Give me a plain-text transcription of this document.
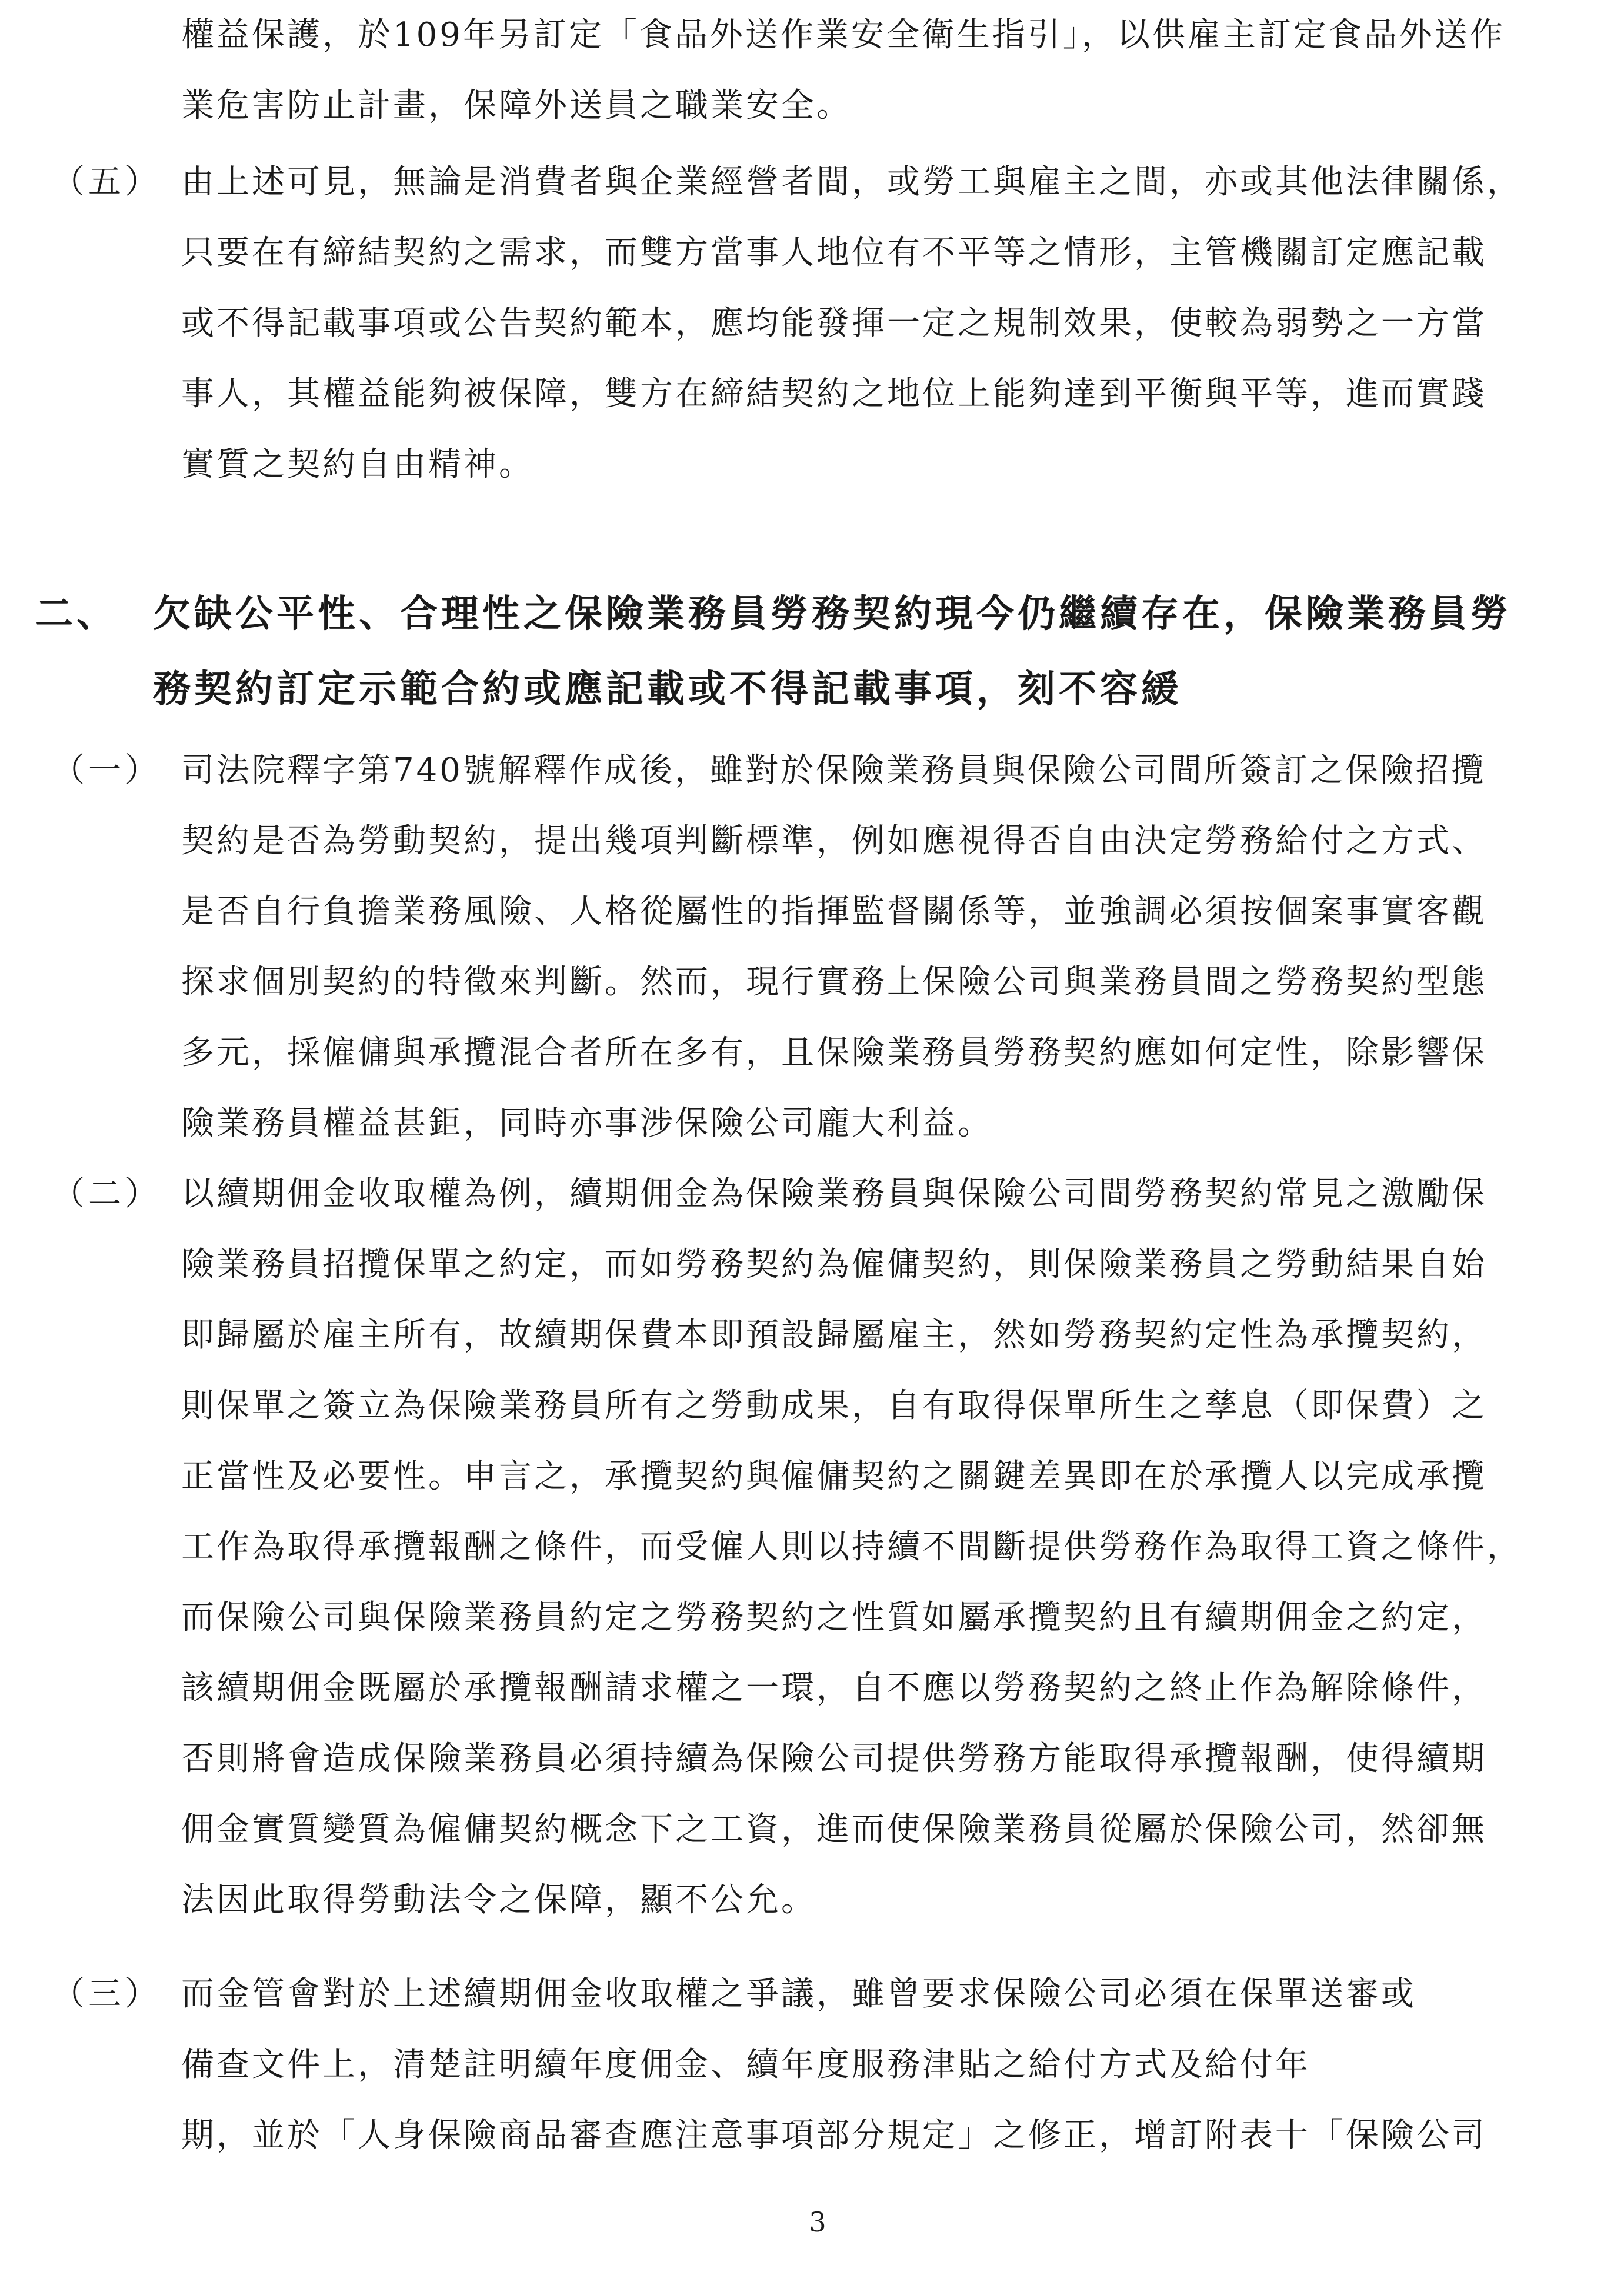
權益保護，於109年另訂定「食品外送作業安全衛生指引」，以供雇主訂定食品外送作
業危害防止計畫，保障外送員之職業安全。
（五） 由上述可見，無論是消費者與企業經營者間，或勞工與雇主之間，亦或其他法律關係，
只要在有締結契約之需求，而雙方當事人地位有不平等之情形，主管機關訂定應記載
或不得記載事項或公告契約範本，應均能發揮一定之規制效果，使較為弱勢之一方當
事人，其權益能夠被保障，雙方在締結契約之地位上能夠達到平衡與平等，進而實踐
實質之契約自由精神。
二、 欠缺公平性、合理性之保險業務員勞務契約現今仍繼續存在，保險業務員勞
務契約訂定示範合約或應記載或不得記載事項，刻不容緩
（一） 司法院釋字第740號解釋作成後，雖對於保險業務員與保險公司間所簽訂之保險招攬
契約是否為勞動契約，提出幾項判斷標準，例如應視得否自由決定勞務給付之方式、
是否自行負擔業務風險、人格從屬性的指揮監督關係等，並強調必須按個案事實客觀
探求個別契約的特徵來判斷。然而，現行實務上保險公司與業務員間之勞務契約型態
多元，採僱傭與承攬混合者所在多有，且保險業務員勞務契約應如何定性，除影響保
險業務員權益甚鉅，同時亦事涉保險公司龐大利益。
（二） 以續期佣金收取權為例，續期佣金為保險業務員與保險公司間勞務契約常見之激勵保
險業務員招攬保單之約定，而如勞務契約為僱傭契約，則保險業務員之勞動結果自始
即歸屬於雇主所有，故續期保費本即預設歸屬雇主，然如勞務契約定性為承攬契約，
則保單之簽立為保險業務員所有之勞動成果，自有取得保單所生之孳息（即保費）之
正當性及必要性。申言之，承攬契約與僱傭契約之關鍵差異即在於承攬人以完成承攬
工作為取得承攬報酬之條件，而受僱人則以持續不間斷提供勞務作為取得工資之條件，
而保險公司與保險業務員約定之勞務契約之性質如屬承攬契約且有續期佣金之約定，
該續期佣金既屬於承攬報酬請求權之一環，自不應以勞務契約之終止作為解除條件，
否則將會造成保險業務員必須持續為保險公司提供勞務方能取得承攬報酬，使得續期
佣金實質變質為僱傭契約概念下之工資，進而使保險業務員從屬於保險公司，然卻無
法因此取得勞動法令之保障，顯不公允。
（三） 而金管會對於上述續期佣金收取權之爭議，雖曾要求保險公司必須在保單送審或
備查文件上，清楚註明續年度佣金、續年度服務津貼之給付方式及給付年
期，並於「人身保險商品審查應注意事項部分規定」之修正，增訂附表十「保險公司
3
